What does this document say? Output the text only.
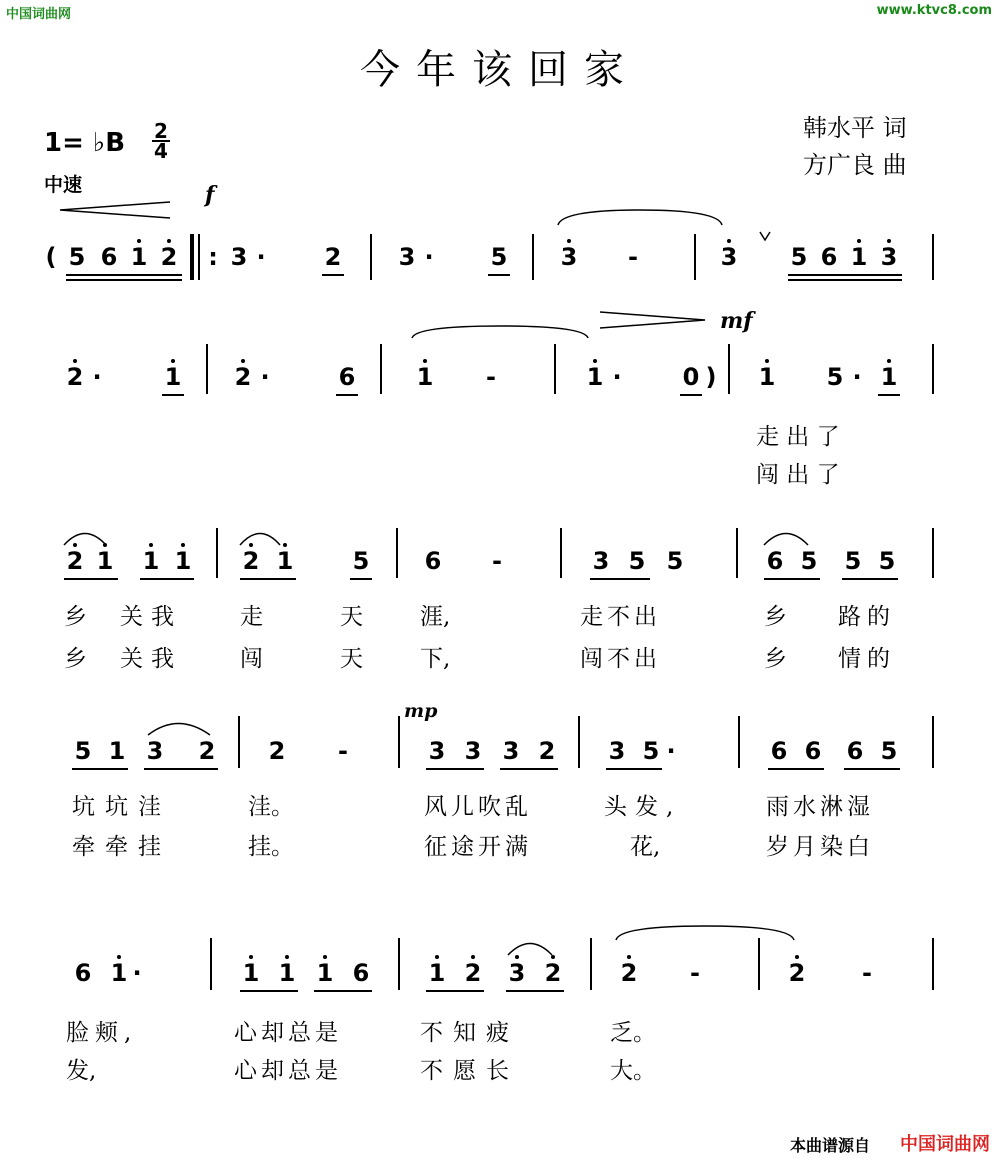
中国词曲网	www.ktvc8.com
今年该回家
1= ♭B 2
4
中速
韩水平 词
方广良 曲
f
mf
mp
( 5 6 1 2 : 3 · 2 3 · 5 3 -	3 5 6 1 3
2 ·	1 2 ·	6	1 -	1 ·	0 ) 1 5 · 1
走 出 了
闯 出 了
2 1 1 1 2 1 5 6 -	3 5 5	6 5 5 5
乡 关我	走	天 涯,	走不出	乡 路的
乡 关我	闯	天 下,	闯不出	乡 情的
5 1 3 2 2 -	3 3 3 2 3 5 ·	6 6 6 5
坑坑洼	洼。	风儿吹乱	头发,	雨水淋湿
牵牵挂	挂。	征途开满	花,	岁月染白
6 1 ·	1 1 1 6 1 2 3 2 2 -	2 -
脸颊,	心却总是	不知疲	乏。
发,	心却总是	不愿长	大。
本曲谱源自 中国词曲网
